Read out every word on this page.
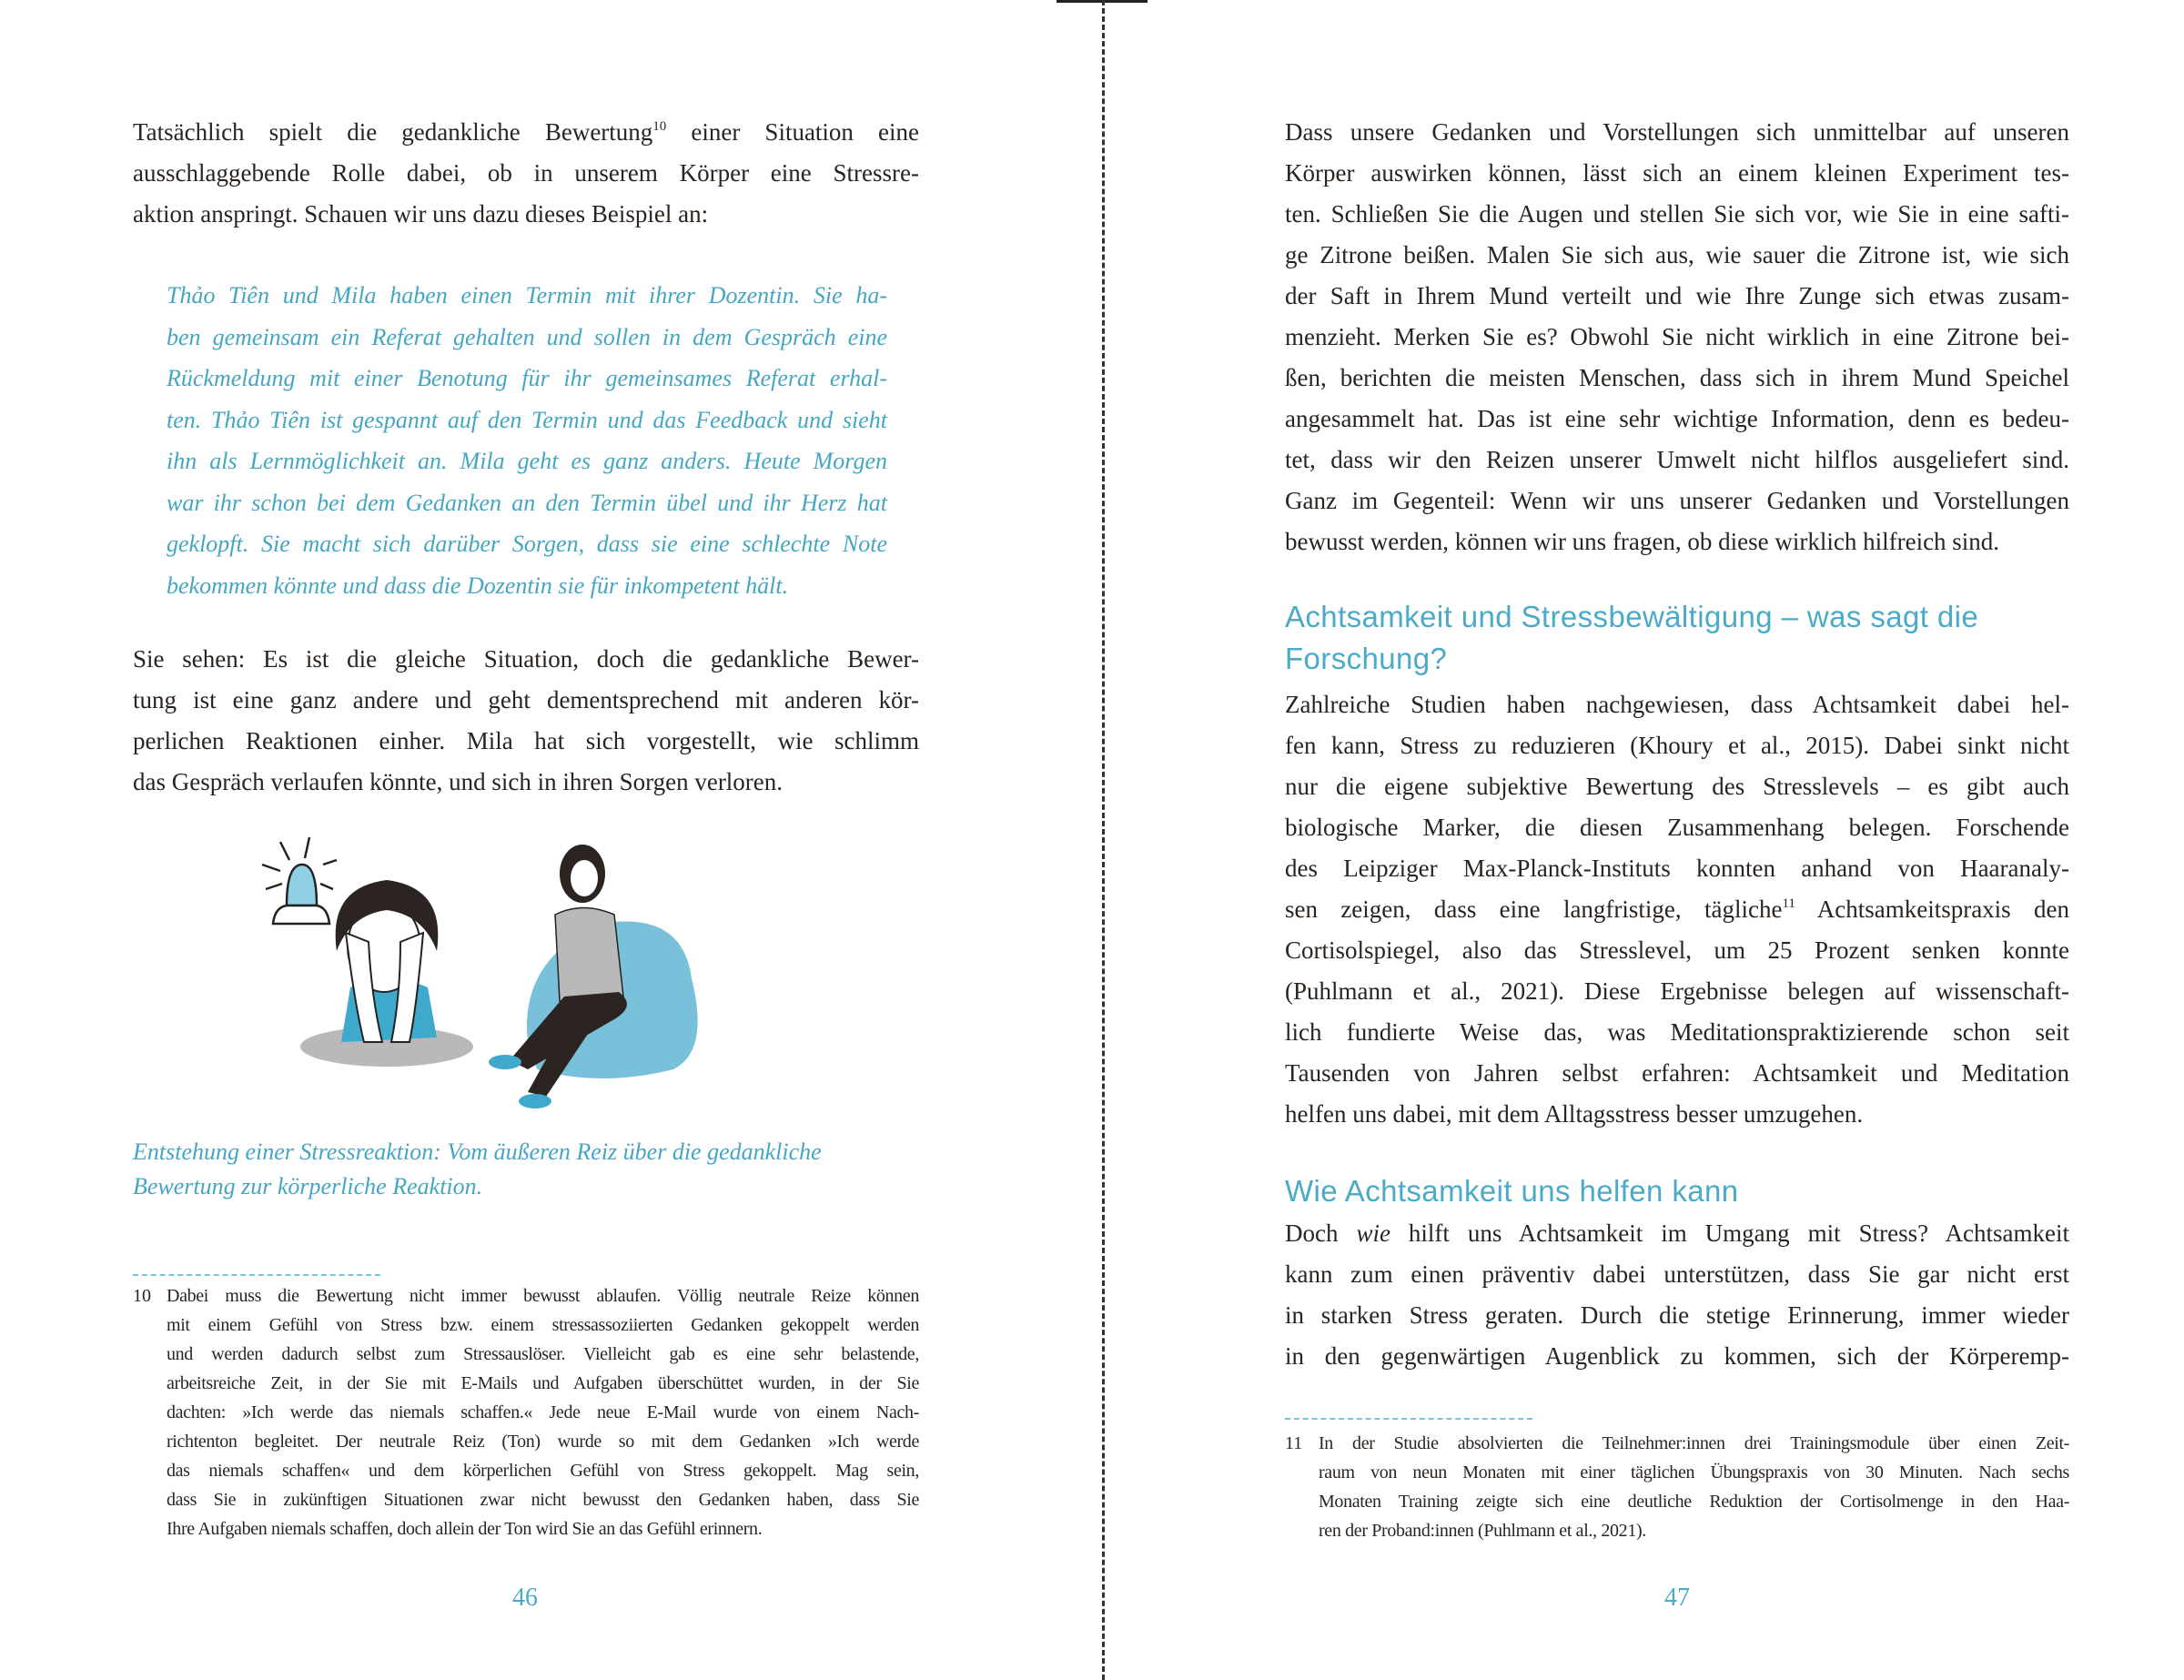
Tatsächlich spielt die gedankliche Bewertung$^{10}$ einer Situation eine
ausschlaggebende Rolle dabei, ob in unserem Körper eine Stressre-
aktion anspringt. Schauen wir uns dazu dieses Beispiel an:
Thảo Tiên und Mila haben einen Termin mit ihrer Dozentin. Sie ha-
ben gemeinsam ein Referat gehalten und sollen in dem Gespräch eine
Rückmeldung mit einer Benotung für ihr gemeinsames Referat erhal-
ten. Thảo Tiên ist gespannt auf den Termin und das Feedback und sieht
ihn als Lernmöglichkeit an. Mila geht es ganz anders. Heute Morgen
war ihr schon bei dem Gedanken an den Termin übel und ihr Herz hat
geklopft. Sie macht sich darüber Sorgen, dass sie eine schlechte Note
bekommen könnte und dass die Dozentin sie für inkompetent hält.
Sie sehen: Es ist die gleiche Situation, doch die gedankliche Bewer-
tung ist eine ganz andere und geht dementsprechend mit anderen kör-
perlichen Reaktionen einher. Mila hat sich vorgestellt, wie schlimm
das Gespräch verlaufen könnte, und sich in ihren Sorgen verloren.
Entstehung einer Stressreaktion: Vom äußeren Reiz über die gedankliche
Bewertung zur körperliche Reaktion.
10 Dabei muss die Bewertung nicht immer bewusst ablaufen. Völlig neutrale Reize können
mit einem Gefühl von Stress bzw. einem stressassoziierten Gedanken gekoppelt werden
und werden dadurch selbst zum Stressauslöser. Vielleicht gab es eine sehr belastende,
arbeitsreiche Zeit, in der Sie mit E-Mails und Aufgaben überschüttet wurden, in der Sie
dachten: »Ich werde das niemals schaffen.« Jede neue E-Mail wurde von einem Nach-
richtenton begleitet. Der neutrale Reiz (Ton) wurde so mit dem Gedanken »Ich werde
das niemals schaffen« und dem körperlichen Gefühl von Stress gekoppelt. Mag sein,
dass Sie in zukünftigen Situationen zwar nicht bewusst den Gedanken haben, dass Sie
Ihre Aufgaben niemals schaffen, doch allein der Ton wird Sie an das Gefühl erinnern.
46
Dass unsere Gedanken und Vorstellungen sich unmittelbar auf unseren
Körper auswirken können, lässt sich an einem kleinen Experiment tes-
ten. Schließen Sie die Augen und stellen Sie sich vor, wie Sie in eine safti-
ge Zitrone beißen. Malen Sie sich aus, wie sauer die Zitrone ist, wie sich
der Saft in Ihrem Mund verteilt und wie Ihre Zunge sich etwas zusam-
menzieht. Merken Sie es? Obwohl Sie nicht wirklich in eine Zitrone bei-
ßen, berichten die meisten Menschen, dass sich in ihrem Mund Speichel
angesammelt hat. Das ist eine sehr wichtige Information, denn es bedeu-
tet, dass wir den Reizen unserer Umwelt nicht hilflos ausgeliefert sind.
Ganz im Gegenteil: Wenn wir uns unserer Gedanken und Vorstellungen
bewusst werden, können wir uns fragen, ob diese wirklich hilfreich sind.
Achtsamkeit und Stressbewältigung – was sagt die
Forschung?
Zahlreiche Studien haben nachgewiesen, dass Achtsamkeit dabei hel-
fen kann, Stress zu reduzieren (Khoury et al., 2015). Dabei sinkt nicht
nur die eigene subjektive Bewertung des Stresslevels – es gibt auch
biologische Marker, die diesen Zusammenhang belegen. Forschende
des Leipziger Max-Planck-Instituts konnten anhand von Haaranaly-
sen zeigen, dass eine langfristige, tägliche$^{11}$ Achtsamkeitspraxis den
Cortisolspiegel, also das Stresslevel, um 25 Prozent senken konnte
(Puhlmann et al., 2021). Diese Ergebnisse belegen auf wissenschaft-
lich fundierte Weise das, was Meditationspraktizierende schon seit
Tausenden von Jahren selbst erfahren: Achtsamkeit und Meditation
helfen uns dabei, mit dem Alltagsstress besser umzugehen.
Wie Achtsamkeit uns helfen kann
Doch wie hilft uns Achtsamkeit im Umgang mit Stress? Achtsamkeit
kann zum einen präventiv dabei unterstützen, dass Sie gar nicht erst
in starken Stress geraten. Durch die stetige Erinnerung, immer wieder
in den gegenwärtigen Augenblick zu kommen, sich der Körperemp-
11 In der Studie absolvierten die Teilnehmer:innen drei Trainingsmodule über einen Zeit-
raum von neun Monaten mit einer täglichen Übungspraxis von 30 Minuten. Nach sechs
Monaten Training zeigte sich eine deutliche Reduktion der Cortisolmenge in den Haa-
ren der Proband:innen (Puhlmann et al., 2021).
47
